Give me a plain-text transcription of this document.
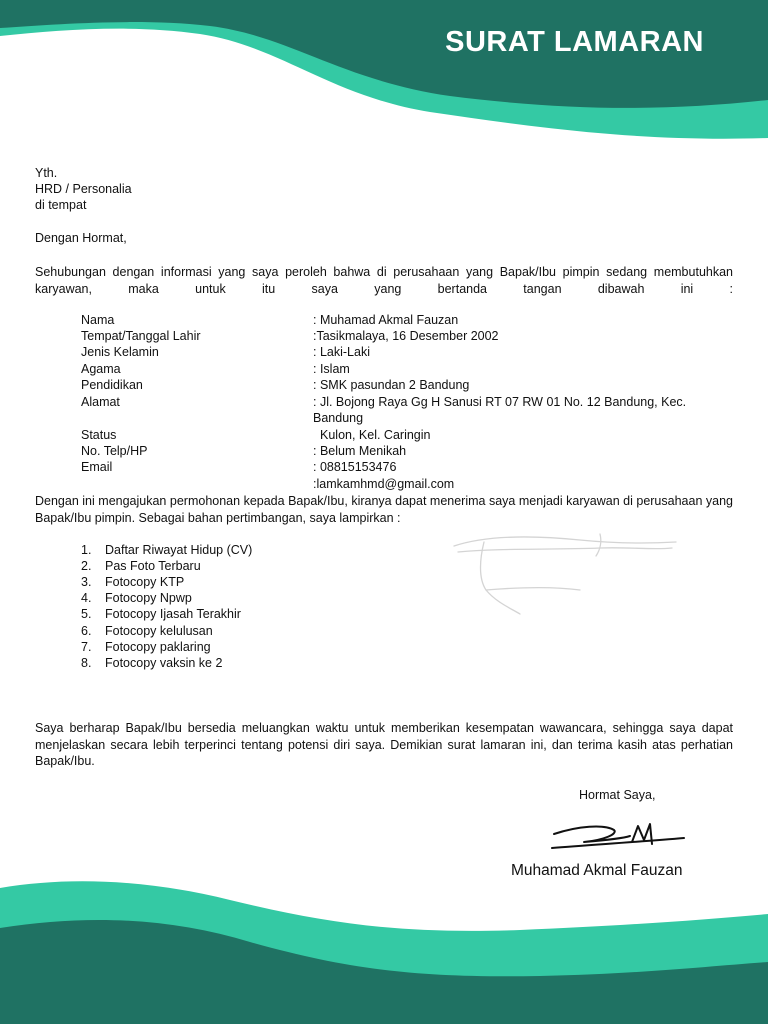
SURAT LAMARAN
Yth.
HRD / Personalia
di tempat
Dengan Hormat,
Sehubungan dengan informasi yang saya peroleh bahwa di perusahaan yang Bapak/Ibu pimpin sedang membutuhkan karyawan, maka untuk itu saya yang bertanda tangan dibawah ini :
Nama
Tempat/Tanggal Lahir
Jenis Kelamin
Agama
Pendidikan
Alamat
Status
No. Telp/HP
Email
: Muhamad Akmal Fauzan
:Tasikmalaya, 16 Desember 2002
: Laki-Laki
: Islam
: SMK pasundan 2 Bandung
: Jl. Bojong Raya Gg H Sanusi RT 07 RW 01 No. 12 Bandung, Kec.
Bandung
Kulon, Kel. Caringin
: Belum Menikah
: 08815153476
:lamkamhmd@gmail.com
Dengan ini mengajukan permohonan kepada Bapak/Ibu, kiranya dapat menerima saya menjadi karyawan di perusahaan yang Bapak/Ibu pimpin. Sebagai bahan pertimbangan, saya lampirkan :
1.
2.
3.
4.
5.
6.
7.
8.
Daftar Riwayat Hidup (CV)
Pas Foto Terbaru
Fotocopy KTP
Fotocopy Npwp
Fotocopy Ijasah Terakhir
Fotocopy kelulusan
Fotocopy paklaring
Fotocopy vaksin ke 2
Saya berharap Bapak/Ibu bersedia meluangkan waktu untuk memberikan kesempatan wawancara, sehingga saya dapat menjelaskan secara lebih terperinci tentang potensi diri saya. Demikian surat lamaran ini, dan terima kasih atas perhatian Bapak/Ibu.
Hormat Saya,
Muhamad Akmal Fauzan
